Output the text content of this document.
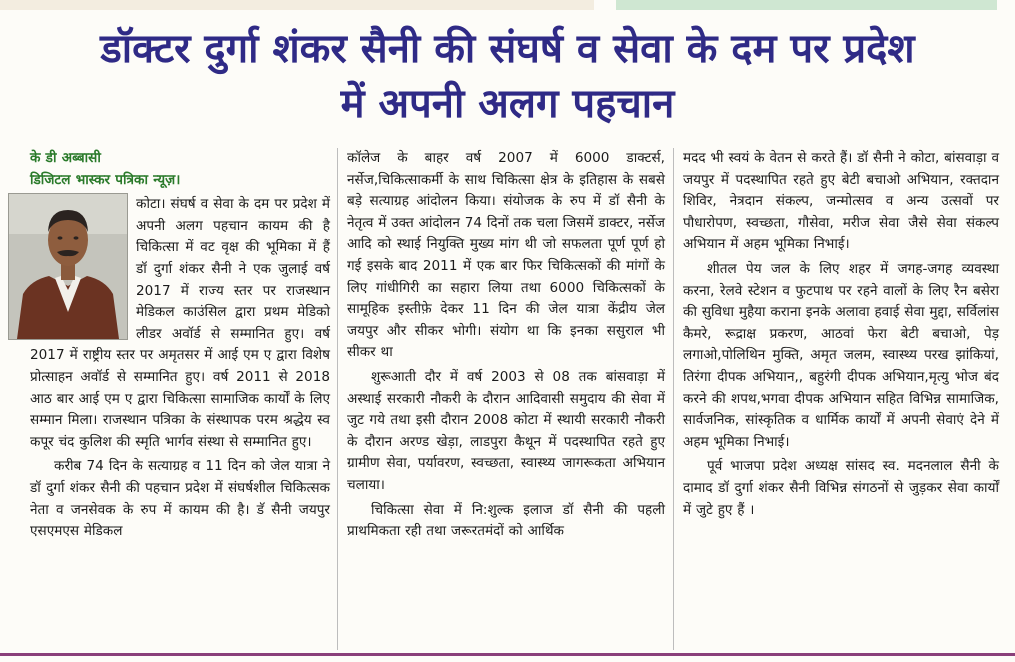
डॉक्टर दुर्गा शंकर सैनी की संघर्ष व सेवा के दम पर प्रदेश
में अपनी अलग पहचान

के डी अब्बासी

डिजिटल भास्कर पत्रिका न्यूज़।

कोटा। संघर्ष व सेवा के दम पर प्रदेश में अपनी अलग पहचान कायम की है चिकित्सा में वट वृक्ष की भूमिका में हैं डॉ दुर्गा शंकर सैनी ने एक जुलाई वर्ष 2017 में राज्य स्तर पर राजस्थान मेडिकल काउंसिल द्वारा प्रथम मेडिको लीडर अवॉर्ड से सम्मानित हुए। वर्ष 2017 में राष्ट्रीय स्तर पर अमृतसर में आई एम ए द्वारा विशेष प्रोत्साहन अवॉर्ड से सम्मानित हुए। वर्ष 2011 से 2018 आठ बार आई एम ए द्वारा चिकित्सा सामाजिक कार्यों के लिए सम्मान मिला। राजस्थान पत्रिका के संस्थापक परम श्रद्धेय स्व कपूर चंद कुलिश की स्मृति भार्गव संस्था से सम्मानित हुए।

करीब 74 दिन के सत्याग्रह व 11 दिन को जेल यात्रा ने डॉ दुर्गा शंकर सैनी की पहचान प्रदेश में संघर्षशील चिकित्सक नेता व जनसेवक के रुप में कायम की है। डॅ सैनी जयपुर एसएमएस मेडिकल

कॉलेज के बाहर वर्ष 2007 में 6000 डाक्टर्स, नर्सेज,चिकित्साकर्मी के साथ चिकित्सा क्षेत्र के इतिहास के सबसे बड़े सत्याग्रह आंदोलन किया। संयोजक के रुप में डॉ सैनी के नेतृत्व में उक्त आंदोलन 74 दिनों तक चला जिसमें डाक्टर, नर्सेज आदि को स्थाई नियुक्ति मुख्य मांग थी जो सफलता पूर्ण पूर्ण हो गई इसके बाद 2011 में एक बार फिर चिकित्सकों की मांगों के लिए गांधीगिरी का सहारा लिया तथा 6000 चिकित्सकों के सामूहिक इस्तीफ़े देकर 11 दिन की जेल यात्रा केंद्रीय जेल जयपुर और सीकर भोगी। संयोग था कि इनका ससुराल भी सीकर था

शुरूआती दौर में वर्ष 2003 से 08 तक बांसवाड़ा में अस्थाई सरकारी नौकरी के दौरान आदिवासी समुदाय की सेवा में जुट गये तथा इसी दौरान 2008 कोटा में स्थायी सरकारी नौकरी के दौरान अरण्ड खेड़ा, लाडपुरा कैथून में पदस्थापित रहते हुए ग्रामीण सेवा, पर्यावरण, स्वच्छता, स्वास्थ्य जागरूकता अभियान चलाया।

चिकित्सा सेवा में नि:शुल्क इलाज डॉ सैनी की पहली प्राथमिकता रही तथा जरूरतमंदों को आर्थिक

मदद भी स्वयं के वेतन से करते हैं। डॉ सैनी ने कोटा, बांसवाड़ा व जयपुर में पदस्थापित रहते हुए बेटी बचाओ अभियान, रक्तदान शिविर, नेत्रदान संकल्प, जन्मोत्सव व अन्य उत्सवों पर पौधारोपण, स्वच्छता, गौसेवा, मरीज सेवा जैसे सेवा संकल्प अभियान में अहम भूमिका निभाई।

शीतल पेय जल के लिए शहर में जगह-जगह व्यवस्था करना, रेलवे स्टेशन व फुटपाथ पर रहने वालों के लिए रैन बसेरा की सुविधा मुहैया कराना इनके अलावा हवाई सेवा मुद्दा, सर्विलांस कैमरे, रूद्राक्ष प्रकरण, आठवां फेरा बेटी बचाओ, पेड़ लगाओ,पोलिथिन मुक्ति, अमृत जलम, स्वास्थ्य परख झांकियां, तिरंगा दीपक अभियान,, बहुरंगी दीपक अभियान,मृत्यु भोज बंद करने की शपथ,भगवा दीपक अभियान सहित विभिन्न सामाजिक, सार्वजनिक, सांस्कृतिक व धार्मिक कार्यों में अपनी सेवाएं देने में अहम भूमिका निभाई।

पूर्व भाजपा प्रदेश अध्यक्ष सांसद स्व. मदनलाल सैनी के दामाद डॉ दुर्गा शंकर सैनी विभिन्न संगठनों से जुड़कर सेवा कार्यों में जुटे हुए हैं ।
